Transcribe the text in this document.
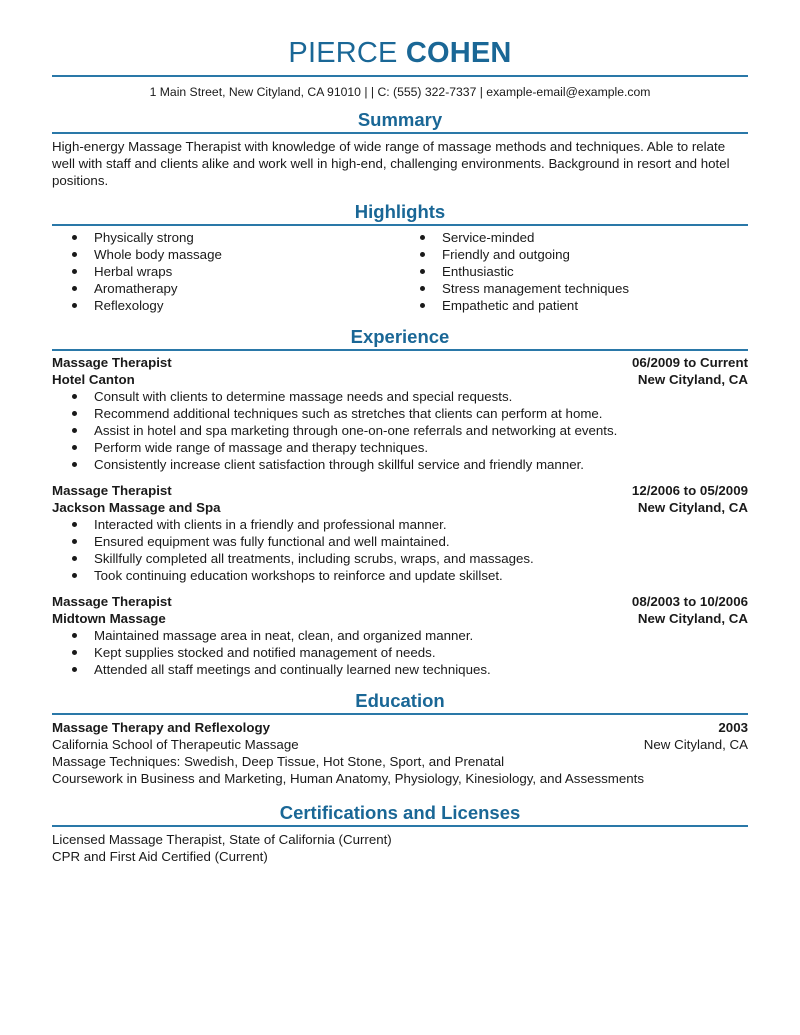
PIERCE COHEN
1 Main Street, New Cityland, CA 91010 | | C: (555) 322-7337 | example-email@example.com
Summary
High-energy Massage Therapist with knowledge of wide range of massage methods and techniques. Able to relate well with staff and clients alike and work well in high-end, challenging environments. Background in resort and hotel positions.
Highlights
Physically strong
Whole body massage
Herbal wraps
Aromatherapy
Reflexology
Service-minded
Friendly and outgoing
Enthusiastic
Stress management techniques
Empathetic and patient
Experience
Massage Therapist	06/2009 to Current
Hotel Canton	New Cityland, CA
Consult with clients to determine massage needs and special requests.
Recommend additional techniques such as stretches that clients can perform at home.
Assist in hotel and spa marketing through one-on-one referrals and networking at events.
Perform wide range of massage and therapy techniques.
Consistently increase client satisfaction through skillful service and friendly manner.
Massage Therapist	12/2006 to 05/2009
Jackson Massage and Spa	New Cityland, CA
Interacted with clients in a friendly and professional manner.
Ensured equipment was fully functional and well maintained.
Skillfully completed all treatments, including scrubs, wraps, and massages.
Took continuing education workshops to reinforce and update skillset.
Massage Therapist	08/2003 to 10/2006
Midtown Massage	New Cityland, CA
Maintained massage area in neat, clean, and organized manner.
Kept supplies stocked and notified management of needs.
Attended all staff meetings and continually learned new techniques.
Education
Massage Therapy and Reflexology	2003
California School of Therapeutic Massage	New Cityland, CA
Massage Techniques: Swedish, Deep Tissue, Hot Stone, Sport, and Prenatal
Coursework in Business and Marketing, Human Anatomy, Physiology, Kinesiology, and Assessments
Certifications and Licenses
Licensed Massage Therapist, State of California (Current)
CPR and First Aid Certified (Current)
